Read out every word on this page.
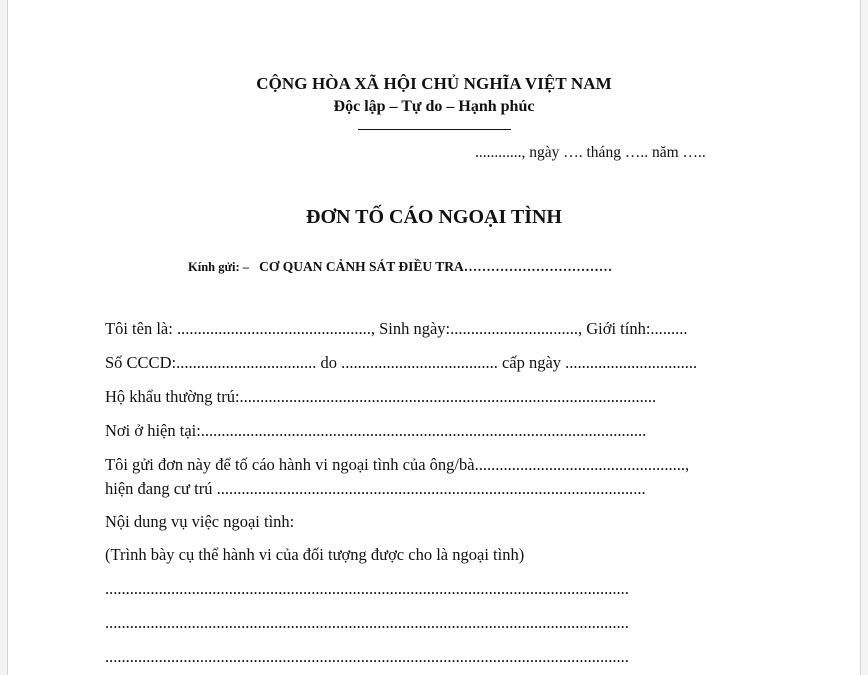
CỘNG HÒA XÃ HỘI CHỦ NGHĨA VIỆT NAM
Độc lập – Tự do – Hạnh phúc
............, ngày …. tháng ….. năm …..
ĐƠN TỐ CÁO NGOẠI TÌNH
Kính gửi: – CƠ QUAN CẢNH SÁT ĐIỀU TRA……………………………
Tôi tên là: ..............................................., Sinh ngày:..............................., Giới tính:.........
Số CCCD:.................................. do ...................................... cấp ngày ................................
Hộ khẩu thường trú:.....................................................................................................
Nơi ở hiện tại:............................................................................................................
Tôi gửi đơn này để tố cáo hành vi ngoại tình của ông/bà...................................................,
hiện đang cư trú ........................................................................................................
Nội dung vụ việc ngoại tình:
(Trình bày cụ thể hành vi của đối tượng được cho là ngoại tình)
...............................................................................................................................
...............................................................................................................................
...............................................................................................................................
